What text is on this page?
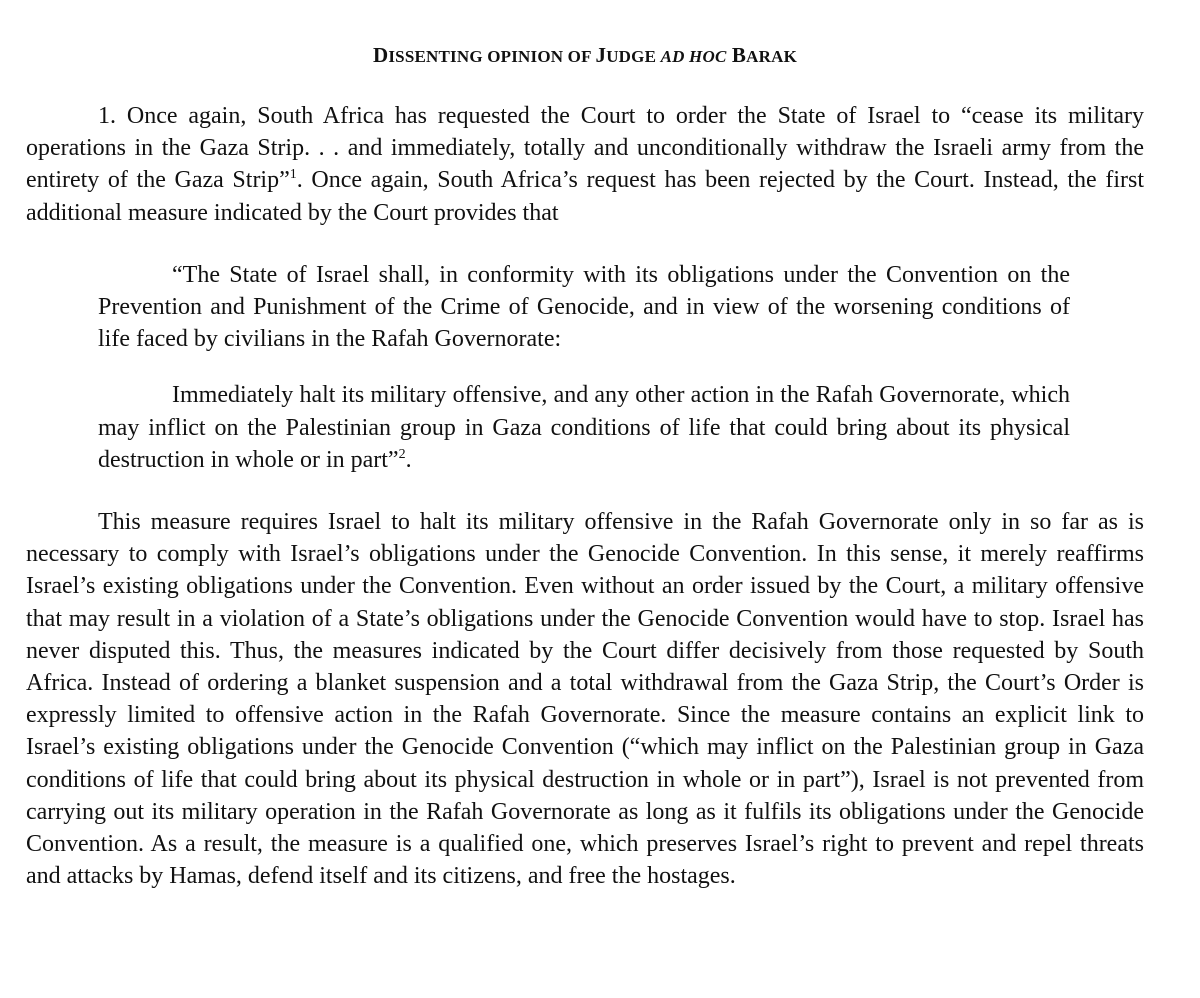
DISSENTING OPINION OF JUDGE AD HOC BARAK

1. Once again, South Africa has requested the Court to order the State of Israel to “cease its military operations in the Gaza Strip. . . and immediately, totally and unconditionally withdraw the Israeli army from the entirety of the Gaza Strip”$^1$. Once again, South Africa’s request has been rejected by the Court. Instead, the first additional measure indicated by the Court provides that

“The State of Israel shall, in conformity with its obligations under the Convention on the Prevention and Punishment of the Crime of Genocide, and in view of the worsening conditions of life faced by civilians in the Rafah Governorate:

Immediately halt its military offensive, and any other action in the Rafah Governorate, which may inflict on the Palestinian group in Gaza conditions of life that could bring about its physical destruction in whole or in part”$^2$.

This measure requires Israel to halt its military offensive in the Rafah Governorate only in so far as is necessary to comply with Israel’s obligations under the Genocide Convention. In this sense, it merely reaffirms Israel’s existing obligations under the Convention. Even without an order issued by the Court, a military offensive that may result in a violation of a State’s obligations under the Genocide Convention would have to stop. Israel has never disputed this. Thus, the measures indicated by the Court differ decisively from those requested by South Africa. Instead of ordering a blanket suspension and a total withdrawal from the Gaza Strip, the Court’s Order is expressly limited to offensive action in the Rafah Governorate. Since the measure contains an explicit link to Israel’s existing obligations under the Genocide Convention (“which may inflict on the Palestinian group in Gaza conditions of life that could bring about its physical destruction in whole or in part”), Israel is not prevented from carrying out its military operation in the Rafah Governorate as long as it fulfils its obligations under the Genocide Convention. As a result, the measure is a qualified one, which preserves Israel’s right to prevent and repel threats and attacks by Hamas, defend itself and its citizens, and free the hostages.
